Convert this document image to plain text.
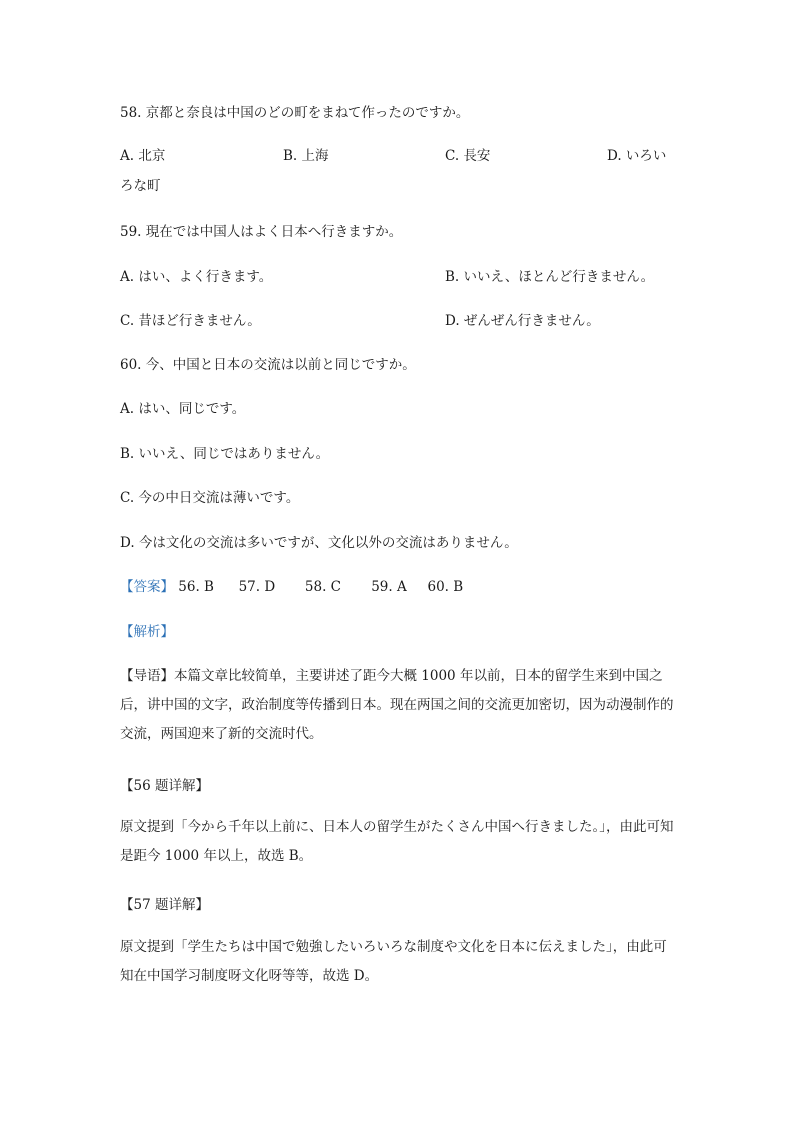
58. 京都と奈良は中国のどの町をまねて作ったのですか。
A. 北京	B. 上海	C. 長安	D. いろい
ろな町
59. 現在では中国人はよく日本へ行きますか。
A. はい、よく行きます。	B. いいえ、ほとんど行きません。
C. 昔ほど行きません。	D. ぜんぜん行きません。
60. 今、中国と日本の交流は以前と同じですか。
A. はい、同じです。
B. いいえ、同じではありません。
C. 今の中日交流は薄いです。
D. 今は文化の交流は多いですが、文化以外の交流はありません。
【答案】 56. B 57. D 58. C 59. A 60. B
【解析】
【导语】本篇文章比较简单，主要讲述了距今大概 1000 年以前，日本的留学生来到中国之后，讲中国的文字，政治制度等传播到日本。现在两国之间的交流更加密切，因为动漫制作的交流，两国迎来了新的交流时代。
【56 题详解】
原文提到「今から千年以上前に、日本人の留学生がたくさん中国へ行きました。」，由此可知是距今 1000 年以上，故选 B。
【57 题详解】
原文提到「学生たちは中国で勉強したいろいろな制度や文化を日本に伝えました」，由此可知在中国学习制度呀文化呀等等，故选 D。
